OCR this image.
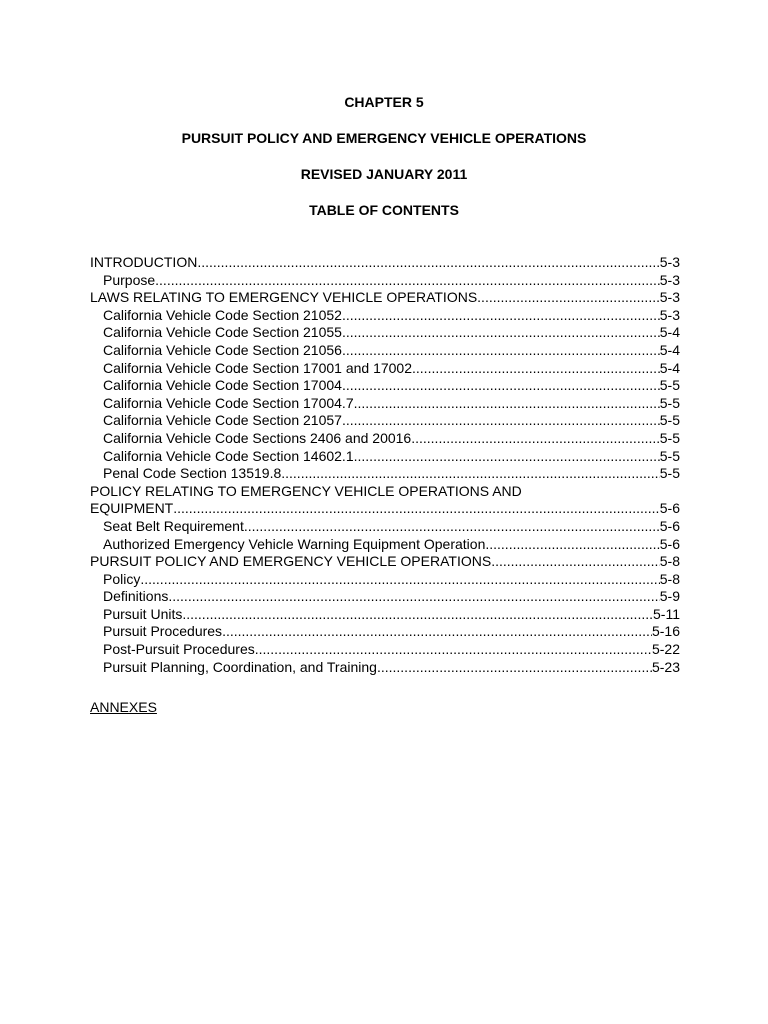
CHAPTER 5
PURSUIT POLICY AND EMERGENCY VEHICLE OPERATIONS
REVISED JANUARY 2011
TABLE OF CONTENTS
INTRODUCTION .....	5-3
Purpose .....	5-3
LAWS RELATING TO EMERGENCY VEHICLE OPERATIONS .....	5-3
California Vehicle Code Section 21052 .....	5-3
California Vehicle Code Section 21055 .....	5-4
California Vehicle Code Section 21056 .....	5-4
California Vehicle Code Section 17001 and 17002 .....	5-4
California Vehicle Code Section 17004 .....	5-5
California Vehicle Code Section 17004.7 .....	5-5
California Vehicle Code Section 21057 .....	5-5
California Vehicle Code Sections 2406 and 20016 .....	5-5
California Vehicle Code Section 14602.1 .....	5-5
Penal Code Section 13519.8 .....	5-5
POLICY RELATING TO EMERGENCY VEHICLE OPERATIONS AND
EQUIPMENT .....	5-6
Seat Belt Requirement .....	5-6
Authorized Emergency Vehicle Warning Equipment Operation .....	5-6
PURSUIT POLICY AND EMERGENCY VEHICLE OPERATIONS .....	5-8
Policy .....	5-8
Definitions .....	5-9
Pursuit Units .....	5-11
Pursuit Procedures .....	5-16
Post-Pursuit Procedures .....	5-22
Pursuit Planning, Coordination, and Training .....	5-23
ANNEXES
